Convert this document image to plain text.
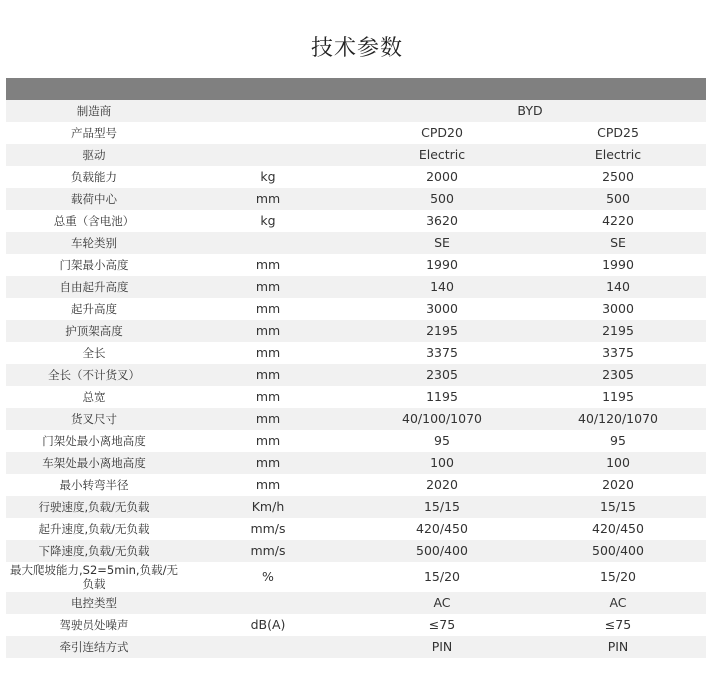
技术参数

制造商		BYD	
产品型号		CPD20	CPD25
驱动		Electric	Electric
负载能力	kg	2000	2500
载荷中心	mm	500	500
总重（含电池）	kg	3620	4220
车轮类别		SE	SE
门架最小高度	mm	1990	1990
自由起升高度	mm	140	140
起升高度	mm	3000	3000
护顶架高度	mm	2195	2195
全长	mm	3375	3375
全长（不计货叉）	mm	2305	2305
总宽	mm	1195	1195
货叉尺寸	mm	40/100/1070	40/120/1070
门架处最小离地高度	mm	95	95
车架处最小离地高度	mm	100	100
最小转弯半径	mm	2020	2020
行驶速度,负载/无负载	Km/h	15/15	15/15
起升速度,负载/无负载	mm/s	420/450	420/450
下降速度,负载/无负载	mm/s	500/400	500/400
最大爬坡能力,S2=5min,负载/无负载	%	15/20	15/20
电控类型		AC	AC
驾驶员处噪声	dB(A)	≤75	≤75
牵引连结方式		PIN	PIN
